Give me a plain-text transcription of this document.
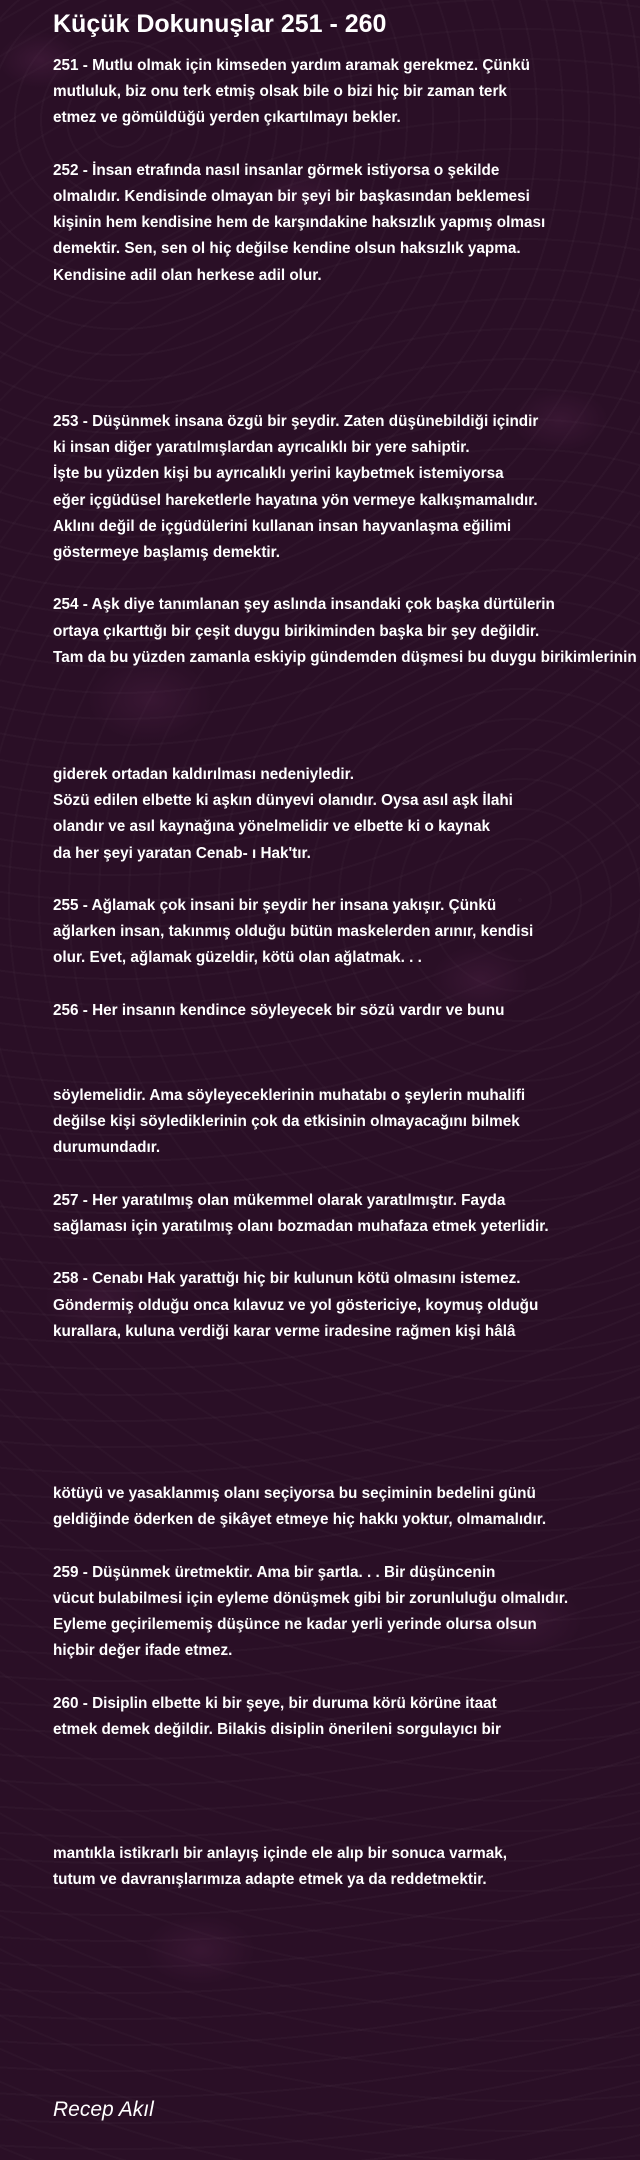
Küçük Dokunuşlar 251 - 260

251 - Mutlu olmak için kimseden yardım aramak gerekmez. Çünkü
mutluluk, biz onu terk etmiş olsak bile o bizi hiç bir zaman terk
etmez ve gömüldüğü yerden çıkartılmayı bekler.

252 - İnsan etrafında nasıl insanlar görmek istiyorsa o şekilde
olmalıdır. Kendisinde olmayan bir şeyi bir başkasından beklemesi
kişinin hem kendisine hem de karşındakine haksızlık yapmış olması
demektir. Sen, sen ol hiç değilse kendine olsun haksızlık yapma.
Kendisine adil olan herkese adil olur.

253 - Düşünmek insana özgü bir şeydir. Zaten düşünebildiği içindir
ki insan diğer yaratılmışlardan ayrıcalıklı bir yere sahiptir.
İşte bu yüzden kişi bu ayrıcalıklı yerini kaybetmek istemiyorsa
eğer içgüdüsel hareketlerle hayatına yön vermeye kalkışmamalıdır.
Aklını değil de içgüdülerini kullanan insan hayvanlaşma eğilimi
göstermeye başlamış demektir.

254 - Aşk diye tanımlanan şey aslında insandaki çok başka dürtülerin
ortaya çıkarttığı bir çeşit duygu birikiminden başka bir şey değildir.
Tam da bu yüzden zamanla eskiyip gündemden düşmesi bu duygu birikimlerinin

giderek ortadan kaldırılması nedeniyledir.
Sözü edilen elbette ki aşkın dünyevi olanıdır. Oysa asıl aşk İlahi
olandır ve asıl kaynağına yönelmelidir ve elbette ki o kaynak
da her şeyi yaratan Cenab- ı Hak'tır.

255 - Ağlamak çok insani bir şeydir her insana yakışır. Çünkü
ağlarken insan, takınmış olduğu bütün maskelerden arınır, kendisi
olur. Evet, ağlamak güzeldir, kötü olan ağlatmak. . .

256 - Her insanın kendince söyleyecek bir sözü vardır ve bunu

söylemelidir. Ama söyleyeceklerinin muhatabı o şeylerin muhalifi
değilse kişi söylediklerinin çok da etkisinin olmayacağını bilmek
durumundadır.

257 - Her yaratılmış olan mükemmel olarak yaratılmıştır. Fayda
sağlaması için yaratılmış olanı bozmadan muhafaza etmek yeterlidir.

258 - Cenabı Hak yarattığı hiç bir kulunun kötü olmasını istemez.
Göndermiş olduğu onca kılavuz ve yol göstericiye, koymuş olduğu
kurallara, kuluna verdiği karar verme iradesine rağmen kişi hâlâ

kötüyü ve yasaklanmış olanı seçiyorsa bu seçiminin bedelini günü
geldiğinde öderken de şikâyet etmeye hiç hakkı yoktur, olmamalıdır.

259 - Düşünmek üretmektir. Ama bir şartla. . . Bir düşüncenin
vücut bulabilmesi için eyleme dönüşmek gibi bir zorunluluğu olmalıdır.
Eyleme geçirilememiş düşünce ne kadar yerli yerinde olursa olsun
hiçbir değer ifade etmez.

260 - Disiplin elbette ki bir şeye, bir duruma körü körüne itaat
etmek demek değildir. Bilakis disiplin önerileni sorgulayıcı bir

mantıkla istikrarlı bir anlayış içinde ele alıp bir sonuca varmak,
tutum ve davranışlarımıza adapte etmek ya da reddetmektir.

Recep Akıl
